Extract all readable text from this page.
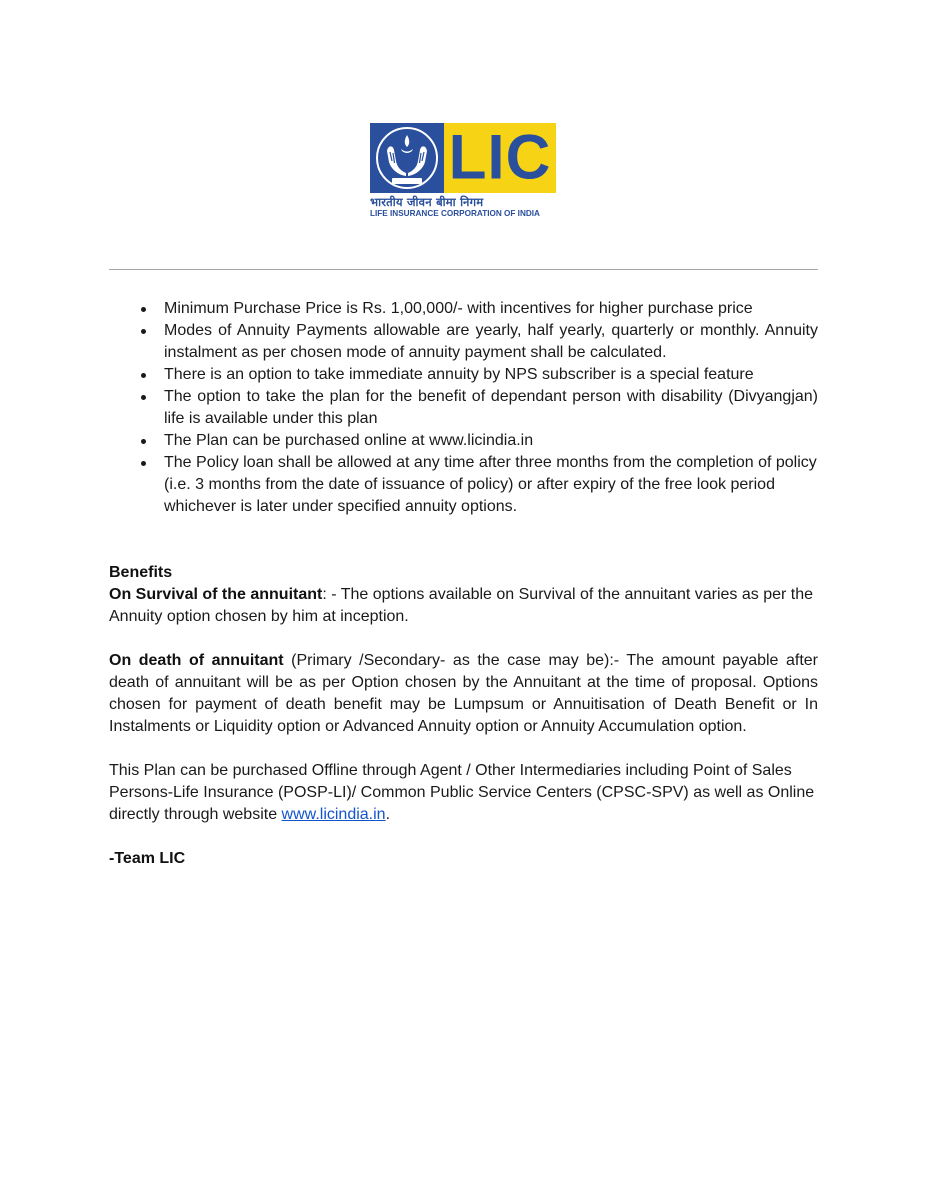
LIC
भारतीय जीवन बीमा निगम
LIFE INSURANCE CORPORATION OF INDIA
Minimum Purchase Price is Rs. 1,00,000/- with incentives for higher purchase price
Modes of Annuity Payments allowable are yearly, half yearly, quarterly or monthly. Annuity instalment as per chosen mode of annuity payment shall be calculated.
There is an option to take immediate annuity by NPS subscriber is a special feature
The option to take the plan for the benefit of dependant person with disability (Divyangjan) life is available under this plan
The Plan can be purchased online at www.licindia.in
The Policy loan shall be allowed at any time after three months from the completion of policy (i.e. 3 months from the date of issuance of policy) or after expiry of the free look period whichever is later under specified annuity options.

Benefits

On Survival of the annuitant: - The options available on Survival of the annuitant varies as per the Annuity option chosen by him at inception.

On death of annuitant (Primary /Secondary- as the case may be):- The amount payable after death of annuitant will be as per Option chosen by the Annuitant at the time of proposal. Options chosen for payment of death benefit may be Lumpsum or Annuitisation of Death Benefit or In Instalments or Liquidity option or Advanced Annuity option or Annuity Accumulation option.

This Plan can be purchased Offline through Agent / Other Intermediaries including Point of Sales Persons-Life Insurance (POSP-LI)/ Common Public Service Centers (CPSC-SPV) as well as Online directly through website www.licindia.in.

-Team LIC
